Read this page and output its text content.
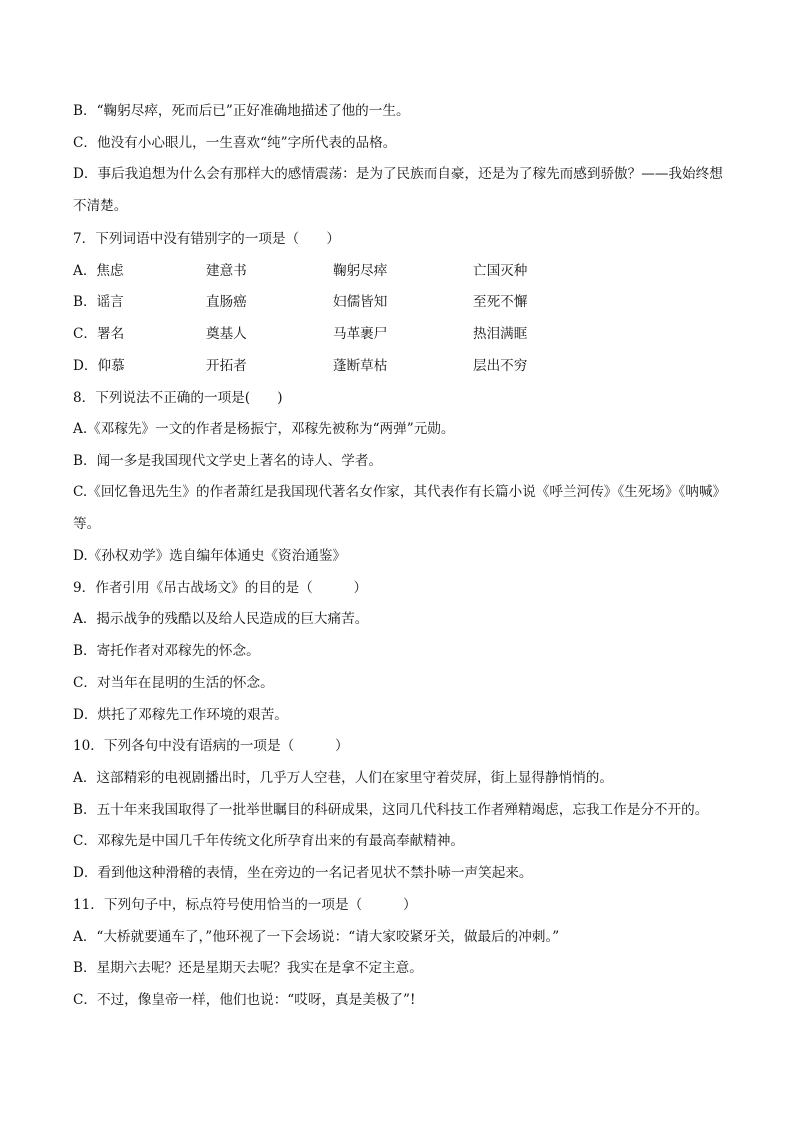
B．“鞠躬尽瘁，死而后已”正好准确地描述了他的一生。
C．他没有小心眼儿，一生喜欢“纯”字所代表的品格。
D．事后我追想为什么会有那样大的感情震荡：是为了民族而自豪，还是为了稼先而感到骄傲？——我始终想不清楚。
7．下列词语中没有错别字的一项是（　　）
A．焦虑	建意书	鞠躬尽瘁	亡国灭种
B．谣言	直肠癌	妇儒皆知	至死不懈
C．署名	奠基人	马革裹尸	热泪满眶
D．仰慕	开拓者	蓬断草枯	层出不穷
8．下列说法不正确的一项是(　　)
A.《邓稼先》一文的作者是杨振宁，邓稼先被称为“两弹”元勋。
B．闻一多是我国现代文学史上著名的诗人、学者。
C.《回忆鲁迅先生》的作者萧红是我国现代著名女作家，其代表作有长篇小说《呼兰河传》《生死场》《呐喊》等。
D.《孙权劝学》选自编年体通史《资治通鉴》
9．作者引用《吊古战场文》的目的是（　　　）
A．揭示战争的残酷以及给人民造成的巨大痛苦。
B．寄托作者对邓稼先的怀念。
C．对当年在昆明的生活的怀念。
D．烘托了邓稼先工作环境的艰苦。
10．下列各句中没有语病的一项是（　　　）
A．这部精彩的电视剧播出时，几乎万人空巷，人们在家里守着荧屏，街上显得静悄悄的。
B．五十年来我国取得了一批举世瞩目的科研成果，这同几代科技工作者殚精竭虑，忘我工作是分不开的。
C．邓稼先是中国几千年传统文化所孕育出来的有最高奉献精神。
D．看到他这种滑稽的表情，坐在旁边的一名记者见状不禁扑哧一声笑起来。
11．下列句子中，标点符号使用恰当的一项是（　　　）
A．“大桥就要通车了，”他环视了一下会场说：“请大家咬紧牙关，做最后的冲刺。”
B．星期六去呢？还是星期天去呢？我实在是拿不定主意。
C．不过，像皇帝一样，他们也说：“哎呀，真是美极了”!
